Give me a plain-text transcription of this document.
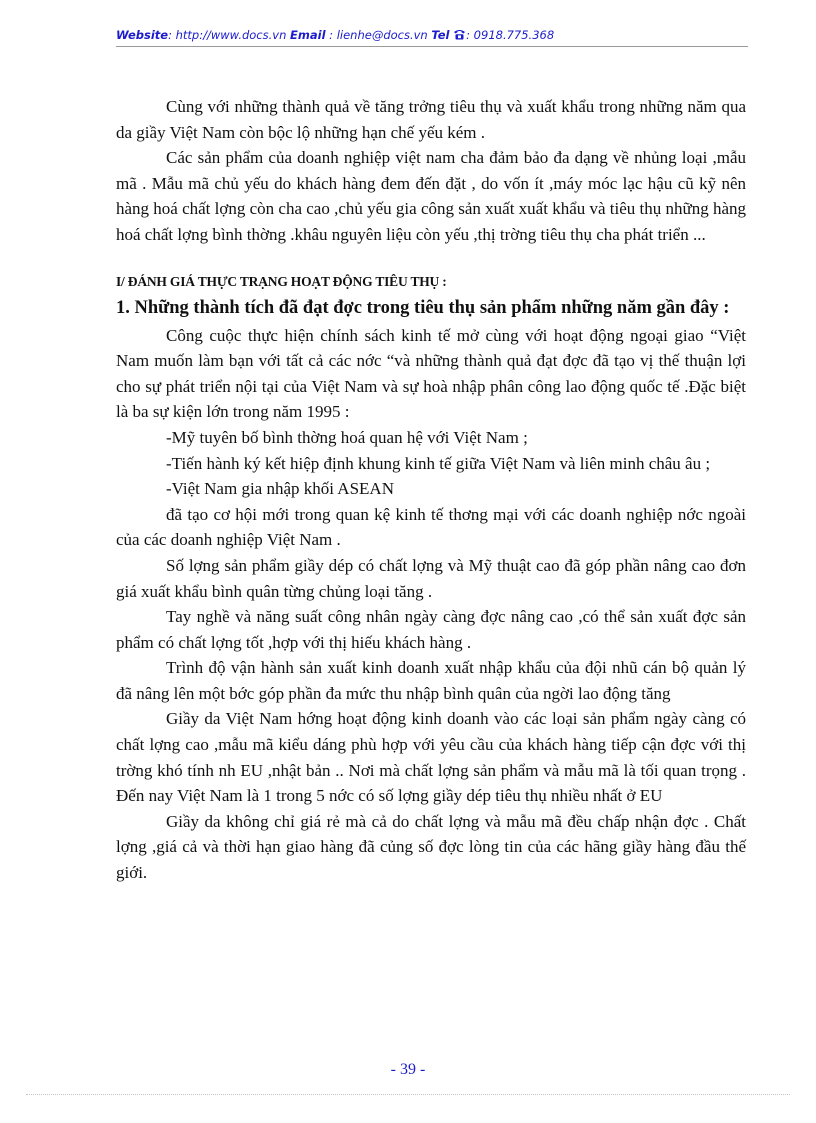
Website: http://www.docs.vn Email : lienhe@docs.vn Tel : 0918.775.368

Cùng với những thành quả về tăng trởng tiêu thụ và xuất khẩu trong những năm qua da giầy Việt Nam còn bộc lộ những hạn chế yếu kém .

Các sản phẩm của doanh nghiệp việt nam cha đảm bảo đa dạng về nhủng loại ,mẫu mã . Mẫu mã chủ yếu do khách hàng đem đến đặt , do vốn ít ,máy móc lạc hậu cũ kỹ nên hàng hoá chất lợng còn cha cao ,chủ yếu gia công sản xuất xuất khẩu và tiêu thụ những hàng hoá chất lợng bình thờng .khâu nguyên liệu còn yếu ,thị trờng tiêu thụ cha phát triển ...

I/ ĐÁNH GIÁ THỰC TRẠNG HOẠT ĐỘNG TIÊU THỤ :
1. Những thành tích đã đạt đợc trong tiêu thụ sản phẩm những năm gần đây :

Công cuộc thực hiện chính sách kinh tế mở cùng với hoạt động ngoại giao “Việt Nam muốn làm bạn với tất cả các nớc “và những thành quả đạt đợc đã tạo vị thế thuận lợi cho sự phát triển nội tại của Việt Nam và sự hoà nhập phân công lao động quốc tế .Đặc biệt là ba sự kiện lớn trong năm 1995 :

-Mỹ tuyên bố bình thờng hoá quan hệ với Việt Nam ;

-Tiến hành ký kết hiệp định khung kinh tế giữa Việt Nam và liên minh châu âu ;

-Việt Nam gia nhập khối ASEAN

đã tạo cơ hội mới trong quan kệ kinh tế thơng mại với các doanh nghiệp nớc ngoài của các doanh nghiệp Việt Nam .

Số lợng sản phẩm giầy dép có chất lợng và Mỹ thuật cao đã góp phần nâng cao đơn giá xuất khẩu bình quân từng chủng loại tăng .

Tay nghề và năng suất công nhân ngày càng đợc nâng cao ,có thể sản xuất đợc sản phẩm có chất lợng tốt ,hợp với thị hiếu khách hàng .

Trình độ vận hành sản xuất kinh doanh xuất nhập khẩu của đội nhũ cán bộ quản lý đã nâng lên một bớc góp phần đa mức thu nhập bình quân của ngời lao động tăng

Giầy da Việt Nam hớng hoạt động kinh doanh vào các loại sản phẩm ngày càng có chất lợng cao ,mẫu mã kiểu dáng phù hợp với yêu cầu của khách hàng tiếp cận đợc với thị trờng khó tính nh EU ,nhật bản .. Nơi mà chất lợng sản phẩm và mẫu mã là tối quan trọng . Đến nay Việt Nam là 1 trong 5 nớc có số lợng giầy dép tiêu thụ nhiều nhất ở EU

Giầy da không chỉ giá rẻ mà cả do chất lợng và mẫu mã đều chấp nhận đợc . Chất lợng ,giá cả và thời hạn giao hàng đã củng số đợc lòng tin của các hãng giầy hàng đầu thế giới.

- 39 -
